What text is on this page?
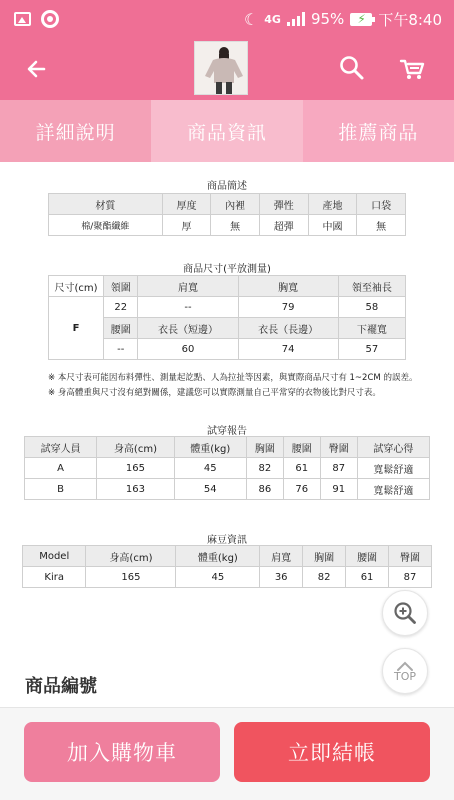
☾ 4G 95% ⚡ 下午8:40
詳細說明	商品資訊	推薦商品
商品簡述
材質	厚度	內裡	彈性	產地	口袋
棉/聚酯纖維	厚	無	超彈	中國	無
商品尺寸(平放測量)
尺寸(cm)	領圍	肩寬	胸寬	領至袖長
F	22	--	79	58
	腰圍	衣長（短邊）	衣長（長邊）	下襬寬
	--	60	74	57
※ 本尺寸表可能因布料彈性、測量起訖點、人為拉扯等因素，與實際商品尺寸有 1~2CM 的誤差。
※ 身高體重與尺寸沒有絕對關係，建議您可以實際測量自己平常穿的衣物後比對尺寸表。
試穿報告
試穿人員	身高(cm)	體重(kg)	胸圍	腰圍	臀圍	試穿心得
A	165	45	82	61	87	寬鬆舒適
B	163	54	86	76	91	寬鬆舒適
麻豆資訊
Model	身高(cm)	體重(kg)	肩寬	胸圍	腰圍	臀圍
Kira	165	45	36	82	61	87
TOP
商品編號
加入購物車	立即結帳
